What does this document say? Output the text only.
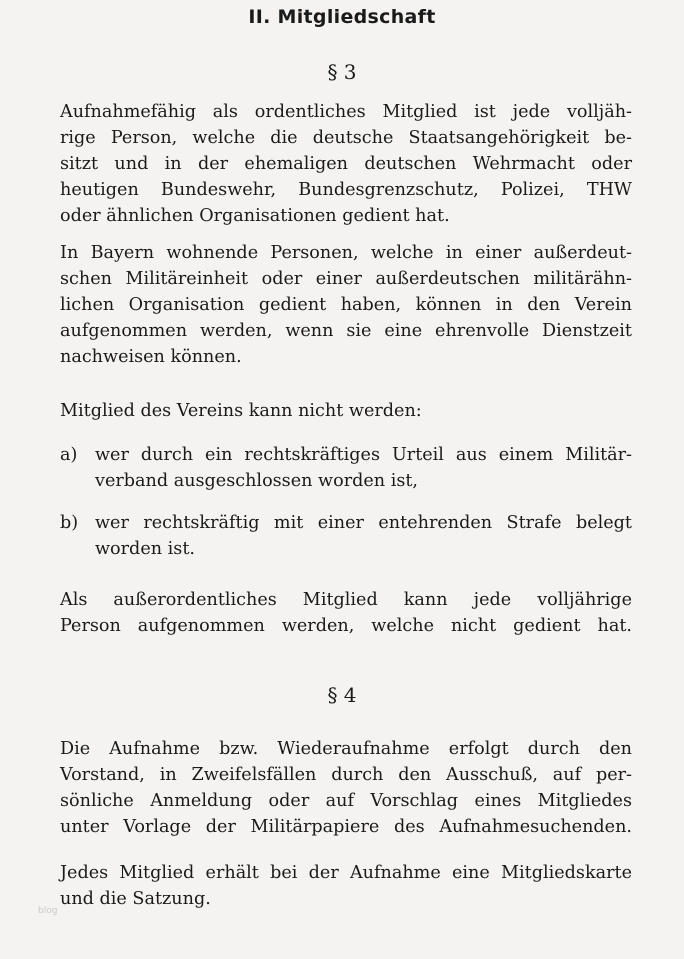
II. Mitgliedschaft
§ 3
Aufnahmefähig als ordentliches Mitglied ist jede volljäh-
rige Person, welche die deutsche Staatsangehörigkeit be-
sitzt und in der ehemaligen deutschen Wehrmacht oder
heutigen Bundeswehr, Bundesgrenzschutz, Polizei, THW
oder ähnlichen Organisationen gedient hat.
In Bayern wohnende Personen, welche in einer außerdeut-
schen Militäreinheit oder einer außerdeutschen militärähn-
lichen Organisation gedient haben, können in den Verein
aufgenommen werden, wenn sie eine ehrenvolle Dienstzeit
nachweisen können.
Mitglied des Vereins kann nicht werden:
a) wer durch ein rechtskräftiges Urteil aus einem Militär-
verband ausgeschlossen worden ist,
b) wer rechtskräftig mit einer entehrenden Strafe belegt
worden ist.
Als außerordentliches Mitglied kann jede volljährige
Person aufgenommen werden, welche nicht gedient hat.
§ 4
Die Aufnahme bzw. Wiederaufnahme erfolgt durch den
Vorstand, in Zweifelsfällen durch den Ausschuß, auf per-
sönliche Anmeldung oder auf Vorschlag eines Mitgliedes
unter Vorlage der Militärpapiere des Aufnahmesuchenden.
Jedes Mitglied erhält bei der Aufnahme eine Mitgliedskarte
und die Satzung.
blog
